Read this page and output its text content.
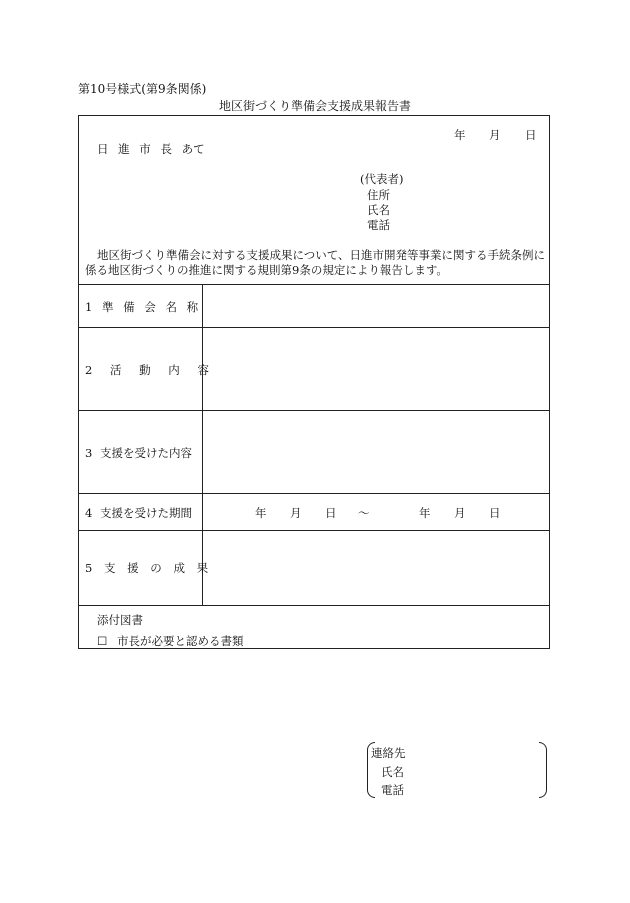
第10号様式(第9条関係)
地区街づくり準備会支援成果報告書
年 月 日
日 進 市 長 あて
(代表者)
住所
氏名
電話
地区街づくり準備会に対する支援成果について、日進市開発等事業に関する手続条例に
係る地区街づくりの推進に関する規則第9条の規定により報告します。
1 準 備 会 名 称
2 活 動 内 容
3 支援を受けた内容
4 支援を受けた期間	年 月 日 ～	年 月 日
5 支 援 の 成 果
添付図書
☐ 市長が必要と認める書類
連絡先
氏名
電話
